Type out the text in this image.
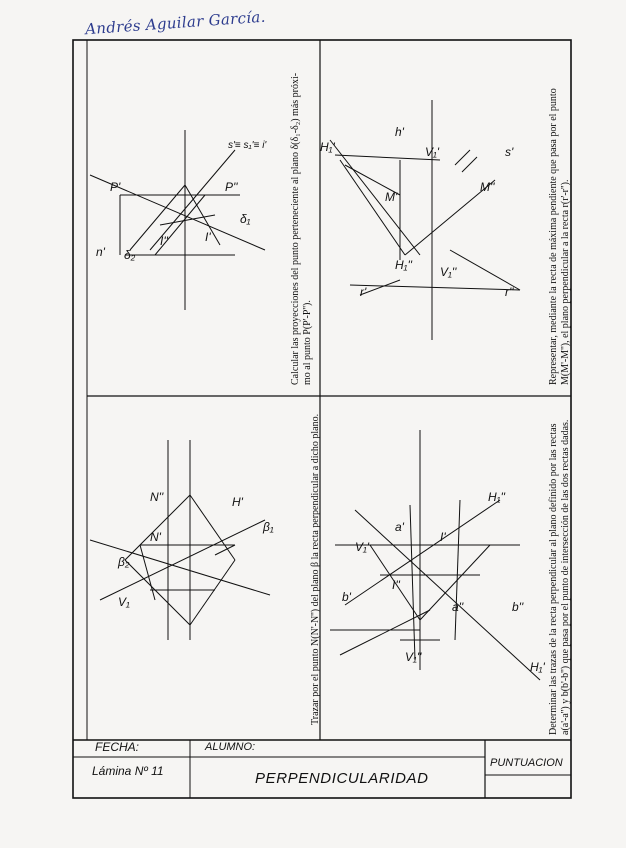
Andrés Aguilar García.
Trazar por el punto N(N'-N'') del plano β la recta perpendicular a dicho plano.
Calcular las proyecciones del punto perteneciente al plano δ(δ₁-δ₂) más próxi- mo al punto P(P'-P'').
Determinar las trazas de la recta perpendicular al plano definido por las rectas a(a'-a'') y b(b'-b'') que pasa por el punto de intersección de las dos rectas dadas.
Representar, mediante la recta de máxima pendiente que pasa por el punto M(M'-M''), el plano perpendicular a la recta r(r'-r'').
N'
N''
β₁
β₂
H'
V₁
P'	P''
δ₁
δ₂
s'≡ s₁'≡ i'
I'
I''
n'
a'
a''
b'
b''
V₁'
H₁'
V₁''
H₁''
I'
I''
M'
M''
r'	r''
H₁'	V₁'
V₁''
H₁''
h'
s'
FECHA:	ALUMNO:
Lámina Nº 11	PERPENDICULARIDAD
PUNTUACION
